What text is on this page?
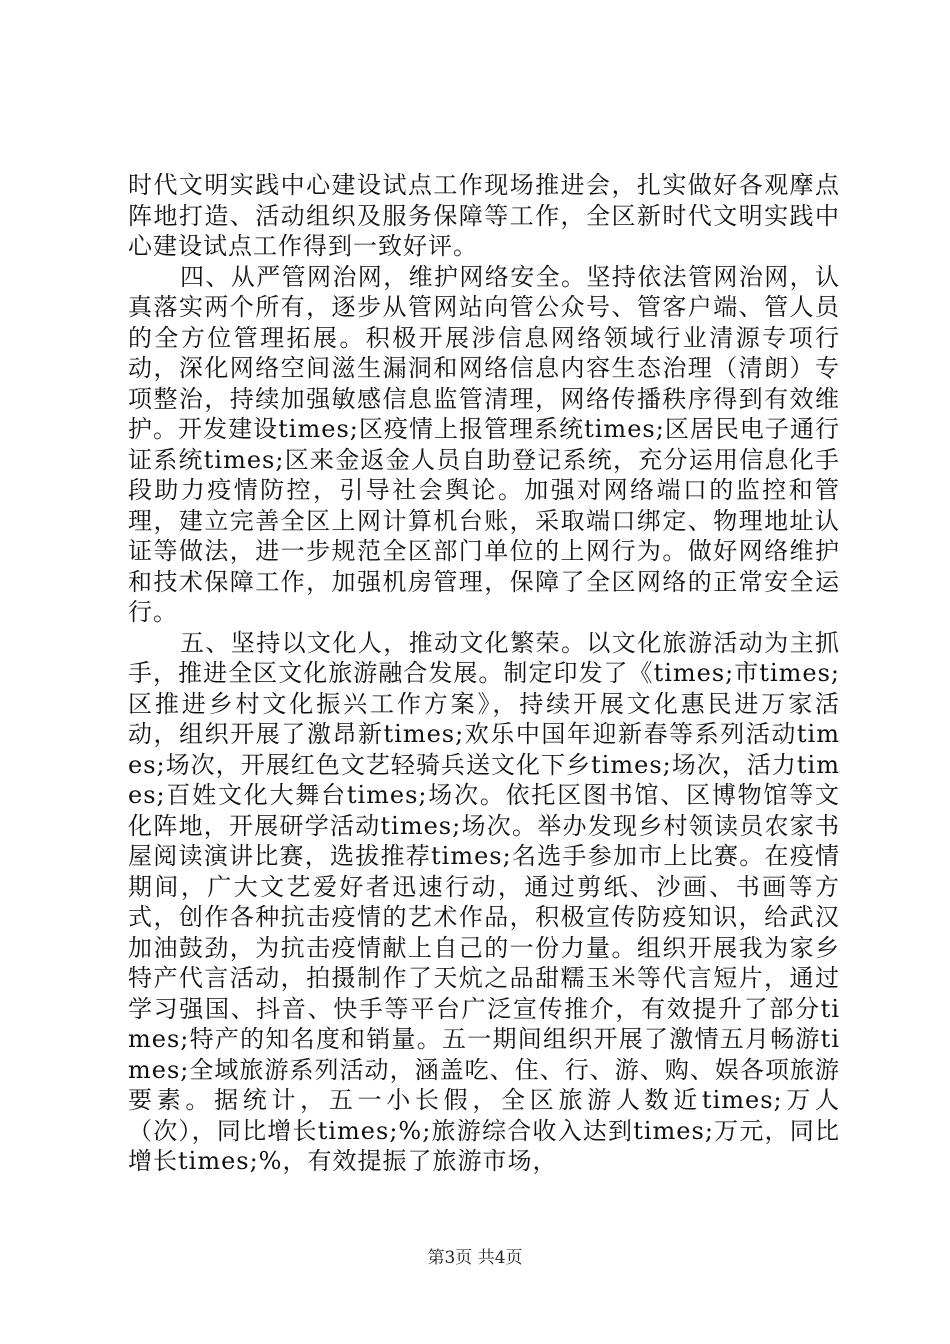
时代文明实践中心建设试点工作现场推进会，扎实做好各观摩点阵地打造、活动组织及服务保障等工作，全区新时代文明实践中心建设试点工作得到一致好评。

四、从严管网治网，维护网络安全。坚持依法管网治网，认真落实两个所有，逐步从管网站向管公众号、管客户端、管人员的全方位管理拓展。积极开展涉信息网络领域行业清源专项行动，深化网络空间滋生漏洞和网络信息内容生态治理（清朗）专项整治，持续加强敏感信息监管清理，网络传播秩序得到有效维护。开发建设times;区疫情上报管理系统times;区居民电子通行证系统times;区来金返金人员自助登记系统，充分运用信息化手段助力疫情防控，引导社会舆论。加强对网络端口的监控和管理，建立完善全区上网计算机台账，采取端口绑定、物理地址认证等做法，进一步规范全区部门单位的上网行为。做好网络维护和技术保障工作，加强机房管理，保障了全区网络的正常安全运行。

五、坚持以文化人，推动文化繁荣。以文化旅游活动为主抓手，推进全区文化旅游融合发展。制定印发了《times;市times;区推进乡村文化振兴工作方案》，持续开展文化惠民进万家活动，组织开展了激昂新times;欢乐中国年迎新春等系列活动times;场次，开展红色文艺轻骑兵送文化下乡times;场次，活力times;百姓文化大舞台times;场次。依托区图书馆、区博物馆等文化阵地，开展研学活动times;场次。举办发现乡村领读员农家书屋阅读演讲比赛，选拔推荐times;名选手参加市上比赛。在疫情期间，广大文艺爱好者迅速行动，通过剪纸、沙画、书画等方式，创作各种抗击疫情的艺术作品，积极宣传防疫知识，给武汉加油鼓劲，为抗击疫情献上自己的一份力量。组织开展我为家乡特产代言活动，拍摄制作了天炕之品甜糯玉米等代言短片，通过学习强国、抖音、快手等平台广泛宣传推介，有效提升了部分times;特产的知名度和销量。五一期间组织开展了激情五月畅游times;全域旅游系列活动，涵盖吃、住、行、游、购、娱各项旅游要素。据统计，五一小长假，全区旅游人数近times;万人（次），同比增长times;%;旅游综合收入达到times;万元，同比增长times;%，有效提振了旅游市场，

第3页 共4页
